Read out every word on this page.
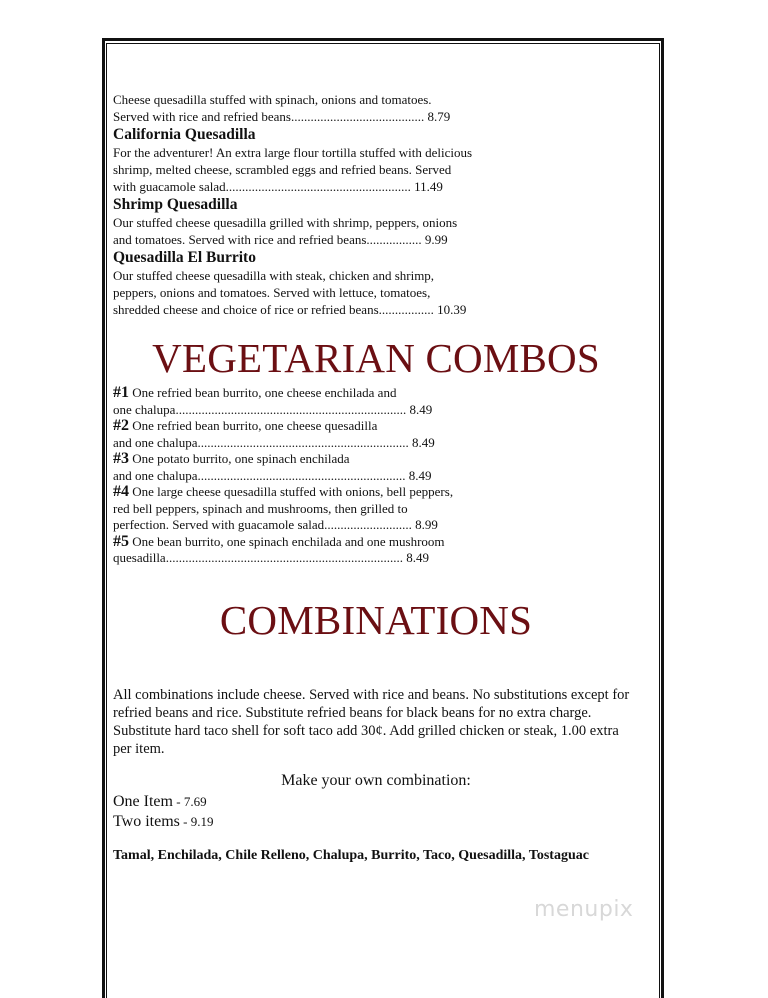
Cheese quesadilla stuffed with spinach, onions and tomatoes.
Served with rice and refried beans......................................... 8.79
California Quesadilla
For the adventurer! An extra large flour tortilla stuffed with delicious
shrimp, melted cheese, scrambled eggs and refried beans. Served
with guacamole salad......................................................... 11.49
Shrimp Quesadilla
Our stuffed cheese quesadilla grilled with shrimp, peppers, onions
and tomatoes. Served with rice and refried beans................. 9.99
Quesadilla El Burrito
Our stuffed cheese quesadilla with steak, chicken and shrimp,
peppers, onions and tomatoes. Served with lettuce, tomatoes,
shredded cheese and choice of rice or refried beans................. 10.39
VEGETARIAN COMBOS
#1 One refried bean burrito, one cheese enchilada and
one chalupa....................................................................... 8.49
#2 One refried bean burrito, one cheese quesadilla
and one chalupa................................................................. 8.49
#3 One potato burrito, one spinach enchilada
and one chalupa................................................................ 8.49
#4 One large cheese quesadilla stuffed with onions, bell peppers,
red bell peppers, spinach and mushrooms, then grilled to
perfection. Served with guacamole salad........................... 8.99
#5 One bean burrito, one spinach enchilada and one mushroom
quesadilla......................................................................... 8.49
COMBINATIONS
All combinations include cheese. Served with rice and beans. No substitutions except for
refried beans and rice. Substitute refried beans for black beans for no extra charge.
Substitute hard taco shell for soft taco add 30¢. Add grilled chicken or steak, 1.00 extra
per item.
Make your own combination:
One Item - 7.69
Two items - 9.19
Tamal, Enchilada, Chile Relleno, Chalupa, Burrito, Taco, Quesadilla, Tostaguac
menupix
